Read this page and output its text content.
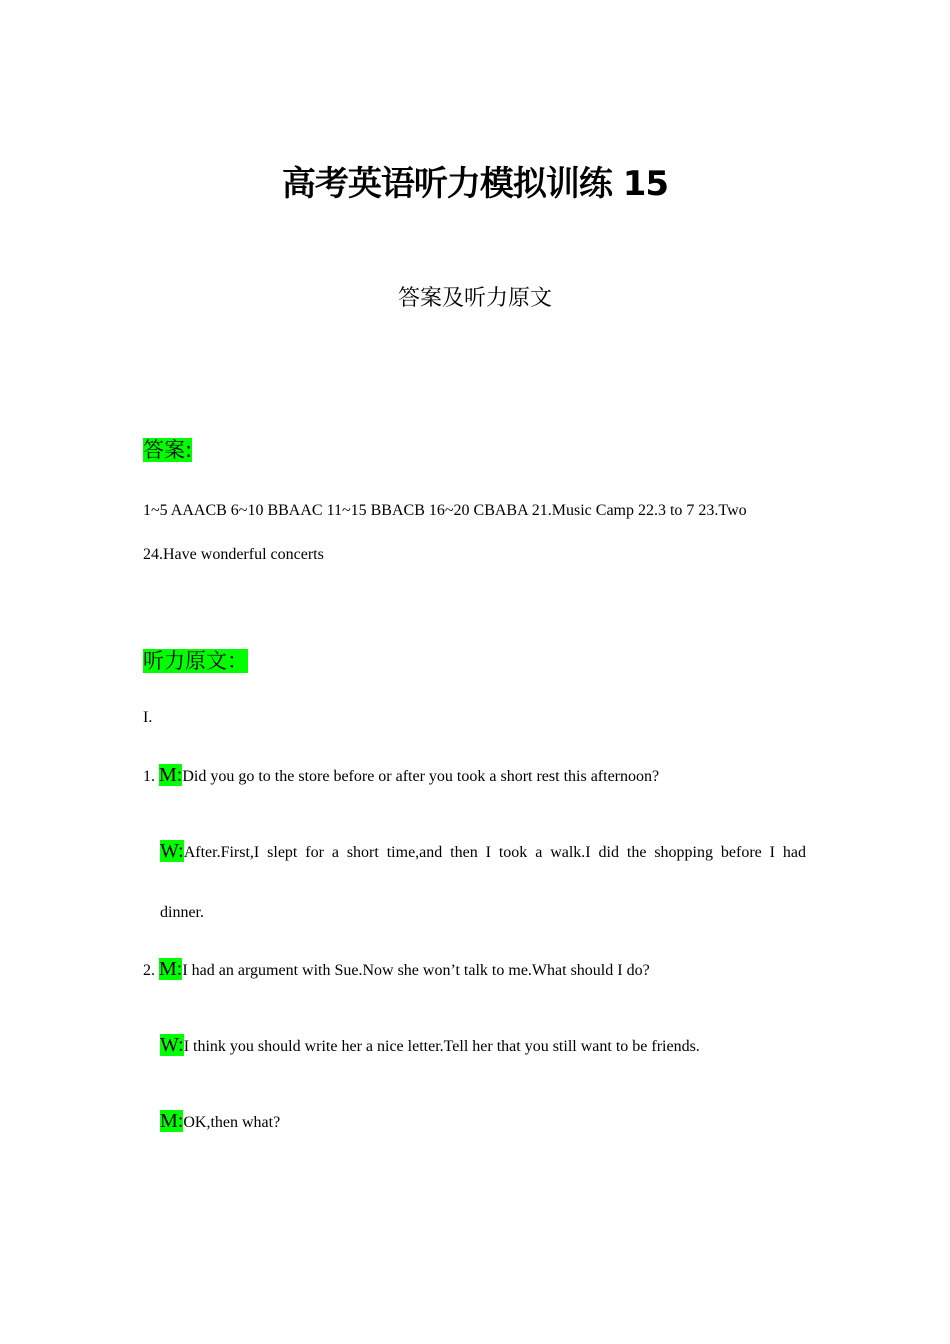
高考英语听力模拟训练 15
答案及听力原文
答案:
1~5 AAACB 6~10 BBAAC 11~15 BBACB 16~20 CBABA 21.Music Camp 22.3 to 7 23.Two
24.Have wonderful concerts
听力原文：
I.
1. M:Did you go to the store before or after you took a short rest this afternoon?
W:After.First,I slept for a short time,and then I took a walk.I did the shopping before I had
dinner.
2. M:I had an argument with Sue.Now she won’t talk to me.What should I do?
W:I think you should write her a nice letter.Tell her that you still want to be friends.
M:OK,then what?
